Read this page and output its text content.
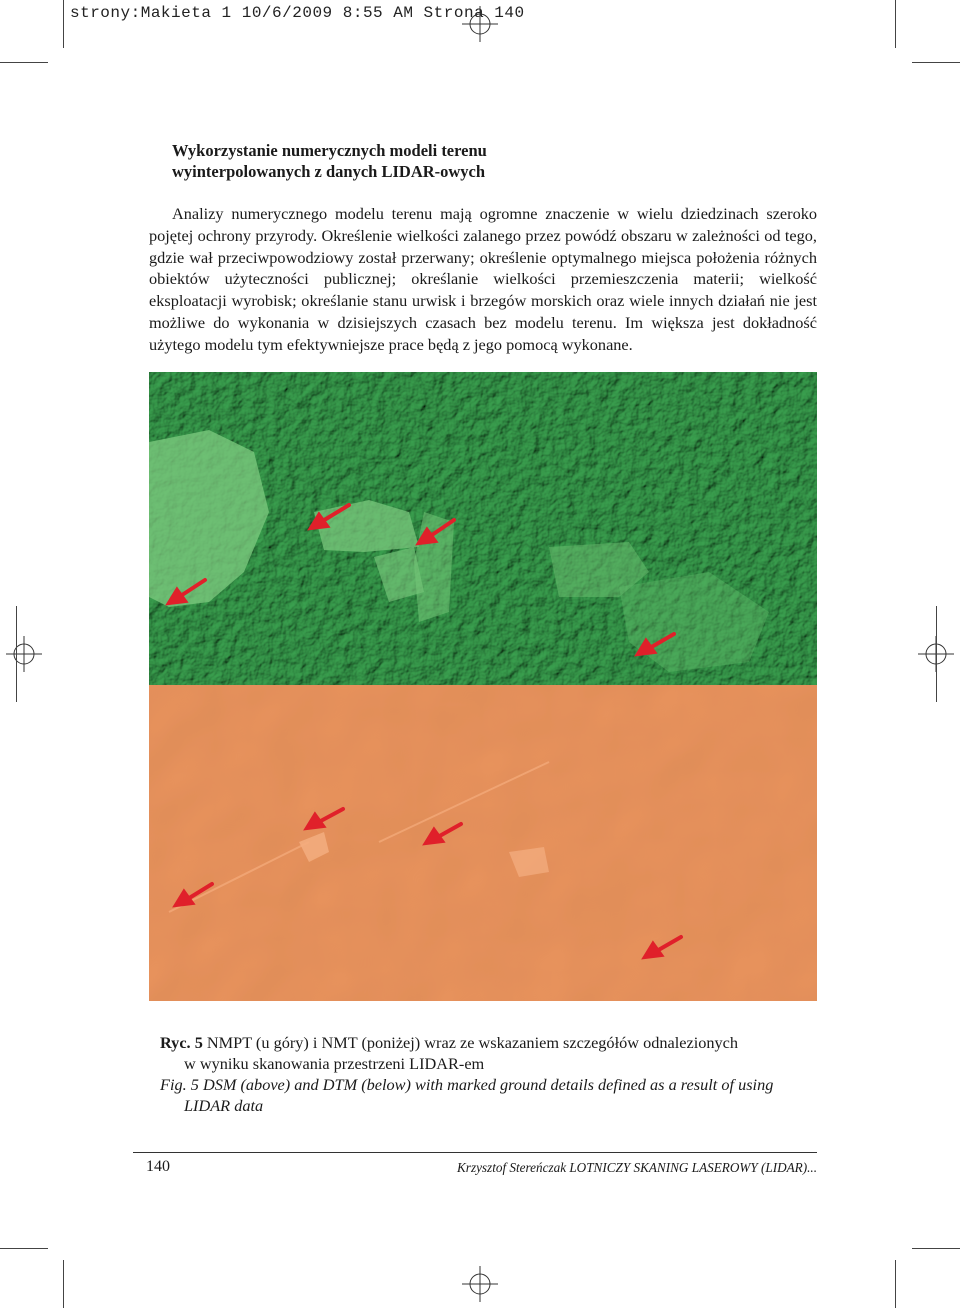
strony:Makieta 1 10/6/2009 8:55 AM Strona 140
Wykorzystanie numerycznych modeli terenu
wyinterpolowanych z danych LIDAR-owych

Analizy numerycznego modelu terenu mają ogromne znaczenie w wielu dziedzinach szeroko pojętej ochrony przyrody. Określenie wielkości zalanego przez powódź obszaru w zależności od tego, gdzie wał przeciwpowodziowy został przerwany; określenie optymalnego miejsca położenia różnych obiektów użyteczności publicznej; określanie wielkości przemieszczenia materii; wielkość eksploatacji wyrobisk; określanie stanu urwisk i brzegów morskich oraz wiele innych działań nie jest możliwe do wykonania w dzisiejszych czasach bez modelu terenu. Im większa jest dokładność użytego modelu tym efektywniejsze prace będą z jego pomocą wykonane.

Ryc. 5 NMPT (u góry) i NMT (poniżej) wraz ze wskazaniem szczegółów odnalezionych

w wyniku skanowania przestrzeni LIDAR-em

Fig. 5 DSM (above) and DTM (below) with marked ground details defined as a result of using

LIDAR data

140	Krzysztof Stereńczak LOTNICZY SKANING LASEROWY (LIDAR)...
